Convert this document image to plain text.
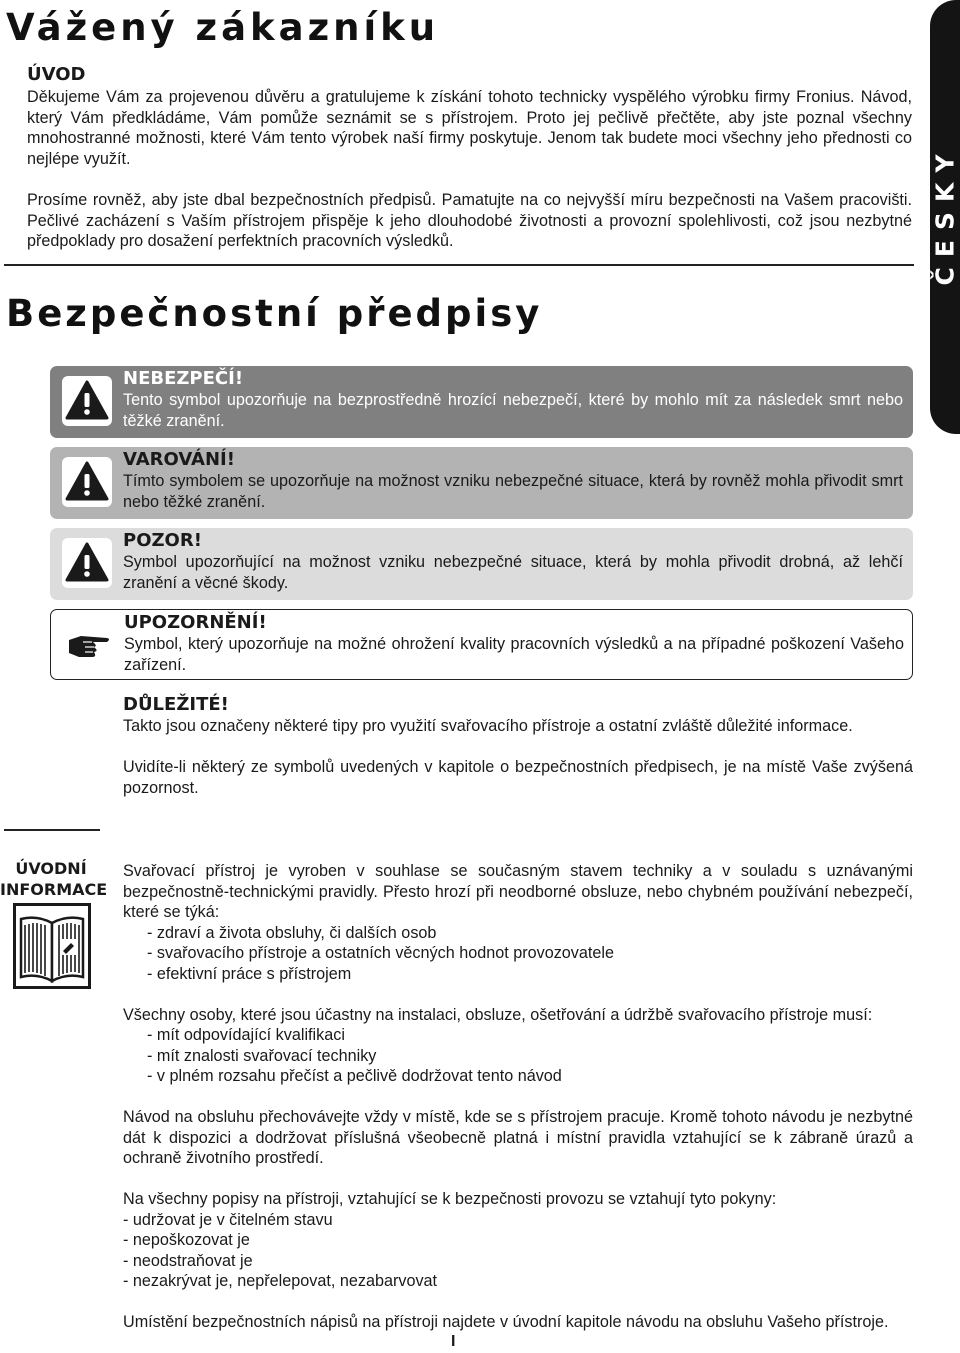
Vážený zákazníku
ÚVOD
Děkujeme Vám za projevenou důvěru a gratulujeme k získání tohoto technicky vyspělého výrobku firmy Fronius. Návod, který Vám předkládáme, Vám pomůže seznámit se s přístrojem. Proto jej pečlivě přečtěte, aby jste poznal všechny mnohostranné možnosti, které Vám tento výrobek naší firmy poskytuje. Jenom tak budete moci všechny jeho přednosti co nejlépe využít.
Prosíme rovněž, aby jste dbal bezpečnostních předpisů. Pamatujte na co nejvyšší míru bezpečnosti na Vašem pracovišti. Pečlivé zacházení s Vaším přístrojem přispěje k jeho dlouhodobé životnosti a provozní spolehlivosti, což jsou nezbytné předpoklady pro dosažení perfektních pracovních výsledků.	ČESKY
Bezpečnostní předpisy
NEBEZPEČÍ!
Tento symbol upozorňuje na bezprostředně hrozící nebezpečí, které by mohlo mít za následek smrt nebo těžké zranění.
VAROVÁNÍ!
Tímto symbolem se upozorňuje na možnost vzniku nebezpečné situace, která by rovněž mohla přivodit smrt nebo těžké zranění.
POZOR!
Symbol upozorňující na možnost vzniku nebezpečné situace, která by mohla přivodit drobná, až lehčí zranění a věcné škody.
UPOZORNĚNÍ!
Symbol, který upozorňuje na možné ohrožení kvality pracovních výsledků a na případné poškození Vašeho zařízení.
DŮLEŽITÉ!
Takto jsou označeny některé tipy pro využití svařovacího přístroje a ostatní zvláště důležité informace.
Uvidíte-li některý ze symbolů uvedených v kapitole o bezpečnostních předpisech, je na místě Vaše zvýšená pozornost.
ÚVODNÍ
INFORMACE

Svařovací přístroj je vyroben v souhlase se současným stavem techniky a v souladu s uznávanými bezpečnostně-technickými pravidly. Přesto hrozí při neodborné obsluze, nebo chybném používání nebezpečí, které se týká:

- zdraví a života obsluhy, či dalších osob
- svařovacího přístroje a ostatních věcných hodnot provozovatele
- efektivní práce s přístrojem

Všechny osoby, které jsou účastny na instalaci, obsluze, ošetřování a údržbě svařovacího přístroje musí:

- mít odpovídající kvalifikaci
- mít znalosti svařovací techniky
- v plném rozsahu přečíst a pečlivě dodržovat tento návod

Návod na obsluhu přechovávejte vždy v místě, kde se s přístrojem pracuje. Kromě tohoto návodu je nezbytné dát k dispozici a dodržovat příslušná všeobecně platná i místní pravidla vztahující se k zábraně úrazů a ochraně životního prostředí.

Na všechny popisy na přístroji, vztahující se k bezpečnosti provozu se vztahují tyto pokyny:

- udržovat je v čitelném stavu
- nepoškozovat je
- neodstraňovat je
- nezakrývat je, nepřelepovat, nezabarvovat

Umístění bezpečnostních nápisů na přístroji najdete v úvodní kapitole návodu na obsluhu Vašeho přístroje.

I
